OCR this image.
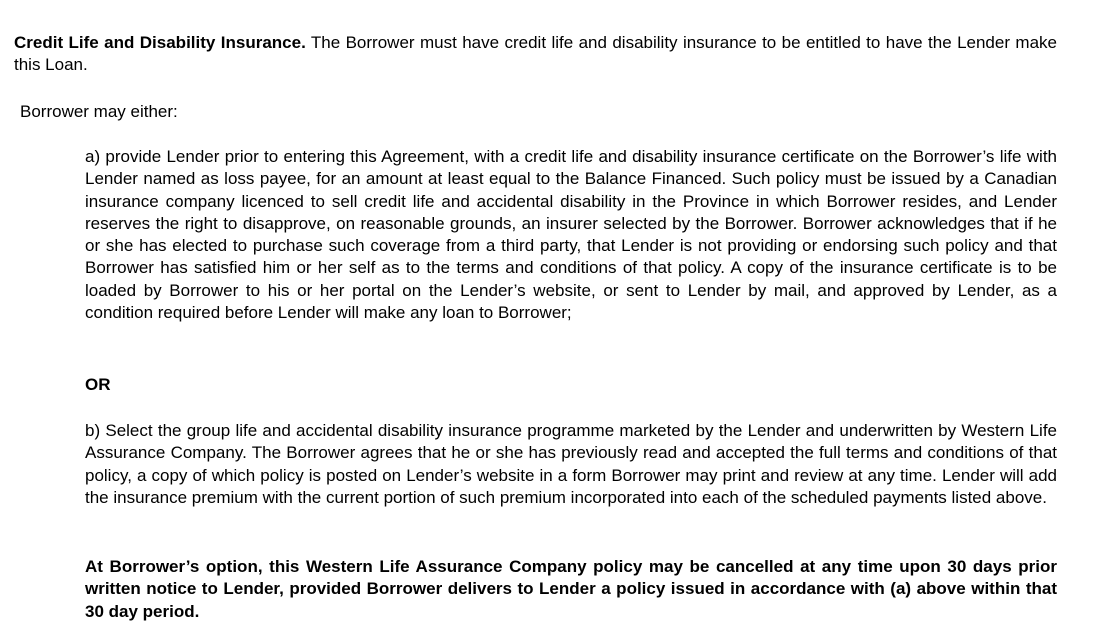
Credit Life and Disability Insurance. The Borrower must have credit life and disability insurance to be entitled to have the Lender make this Loan.

Borrower may either:

a) provide Lender prior to entering this Agreement, with a credit life and disability insurance certificate on the Borrower’s life with Lender named as loss payee, for an amount at least equal to the Balance Financed. Such policy must be issued by a Canadian insurance company licenced to sell credit life and accidental disability in the Province in which Borrower resides, and Lender reserves the right to disapprove, on reasonable grounds, an insurer selected by the Borrower. Borrower acknowledges that if he or she has elected to purchase such coverage from a third party, that Lender is not providing or endorsing such policy and that Borrower has satisfied him or her self as to the terms and conditions of that policy. A copy of the insurance certificate is to be loaded by Borrower to his or her portal on the Lender’s website, or sent to Lender by mail, and approved by Lender, as a condition required before Lender will make any loan to Borrower;

OR

b) Select the group life and accidental disability insurance programme marketed by the Lender and underwritten by Western Life Assurance Company. The Borrower agrees that he or she has previously read and accepted the full terms and conditions of that policy, a copy of which policy is posted on Lender’s website in a form Borrower may print and review at any time. Lender will add the insurance premium with the current portion of such premium incorporated into each of the scheduled payments listed above.

At Borrower’s option, this Western Life Assurance Company policy may be cancelled at any time upon 30 days prior written notice to Lender, provided Borrower delivers to Lender a policy issued in accordance with (a) above within that 30 day period.
